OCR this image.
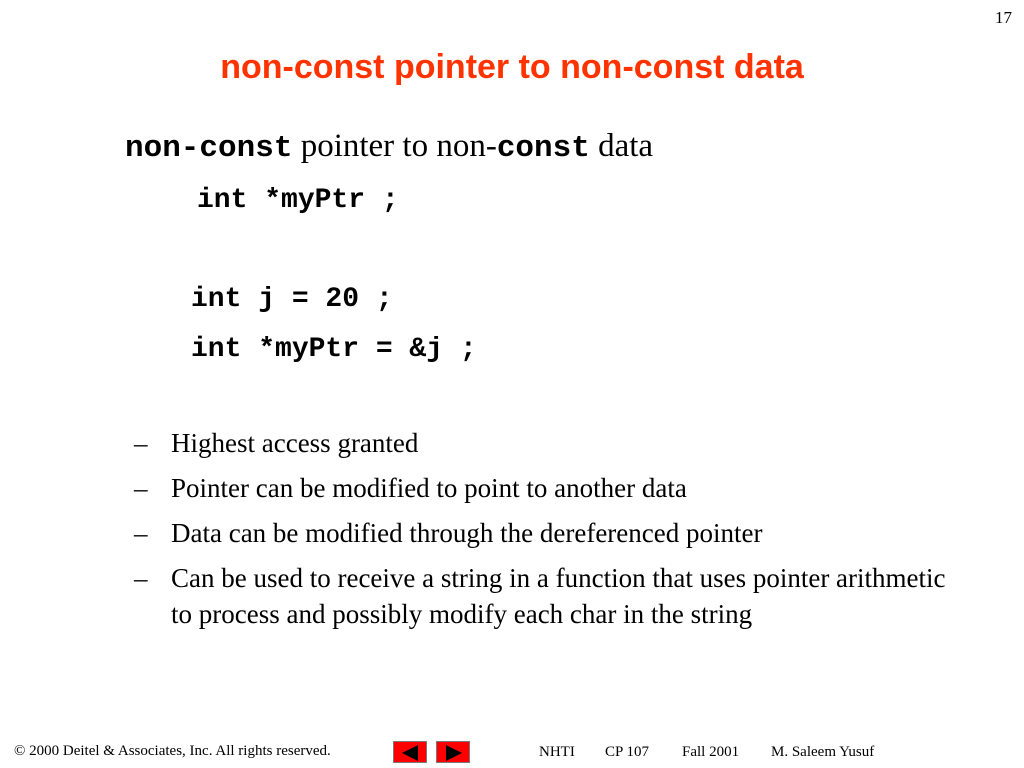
17
non-const pointer to non-const data
non-const pointer to non-const data
int *myPtr ;
int j = 20 ;
int *myPtr = &j ;
– Highest access granted
– Pointer can be modified to point to another data
– Data can be modified through the dereferenced pointer
– Can be used to receive a string in a function that uses pointer arithmetic to process and possibly modify each char in the string
© 2000 Deitel & Associates, Inc. All rights reserved.	NHTI CP 107 Fall 2001 M. Saleem Yusuf
